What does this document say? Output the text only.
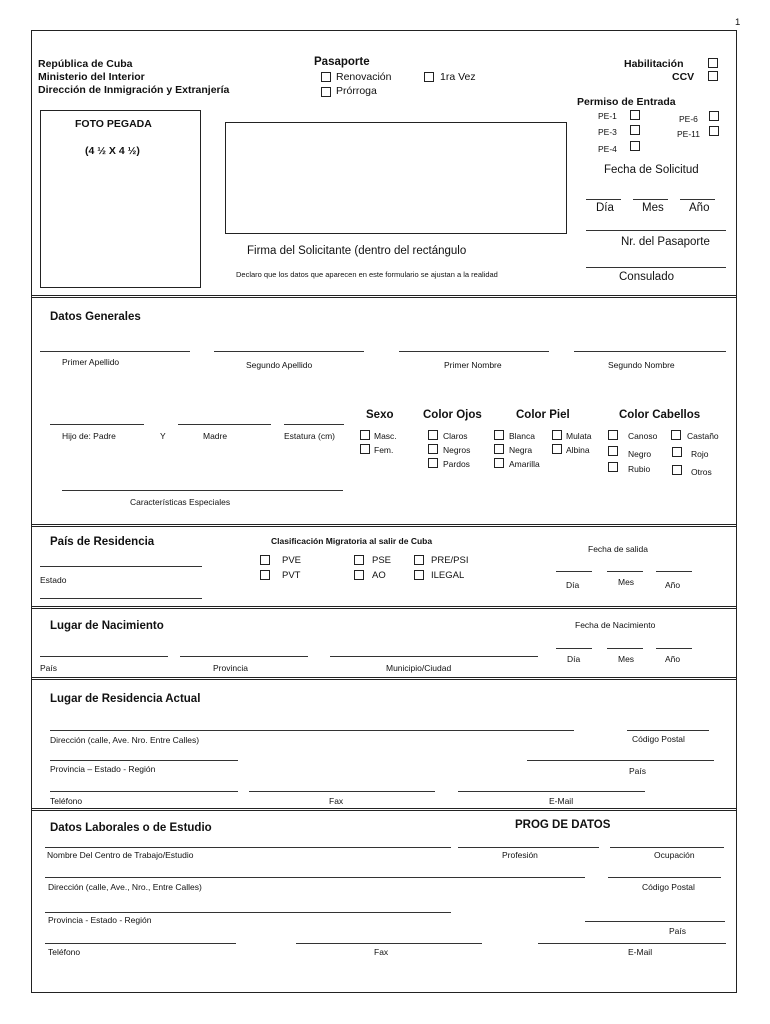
1
República de Cuba
Ministerio del Interior
Dirección de Inmigración y Extranjería
Pasaporte
Renovación	1ra Vez
Prórroga
Habilitación
CCV
Permiso de Entrada
PE-1	PE-6
PE-3	PE-11
PE-4
FOTO PEGADA
(4 ½ X 4 ½)
Firma del Solicitante (dentro del rectángulo
Declaro que los datos que aparecen en este formulario se ajustan a la realidad
Fecha de Solicitud
Día Mes Año
Nr. del Pasaporte
Consulado
Datos Generales
Primer Apellido	Segundo Apellido	Primer Nombre	Segundo Nombre
Hijo de: Padre	Y	Madre	Estatura (cm)
Sexo
Masc.
Fem.
Color Ojos
Claros
Negros
Pardos
Color Piel
Blanca
Negra
Amarilla
Mulata
Albina
Color Cabellos
Canoso	Castaño
Negro	Rojo
Rubio	Otros
Características Especiales
País de Residencia
Estado
Clasificación Migratoria al salir de Cuba
PVE	PSE	PRE/PSI
PVT	AO	ILEGAL
Fecha de salida
Día	Mes	Año
Lugar de Nacimiento	Fecha de Nacimiento
País	Provincia	Municipio/Ciudad
Día	Mes	Año
Lugar de Residencia Actual
Dirección (calle, Ave. Nro. Entre Calles)	Código Postal
Provincia – Estado - Región	País
Teléfono	Fax	E-Mail
Datos Laborales o de Estudio	PROG DE DATOS
Nombre Del Centro de Trabajo/Estudio	Profesión	Ocupación
Dirección (calle, Ave., Nro., Entre Calles)	Código Postal
Provincia - Estado - Región
País
Teléfono	Fax	E-Mail
